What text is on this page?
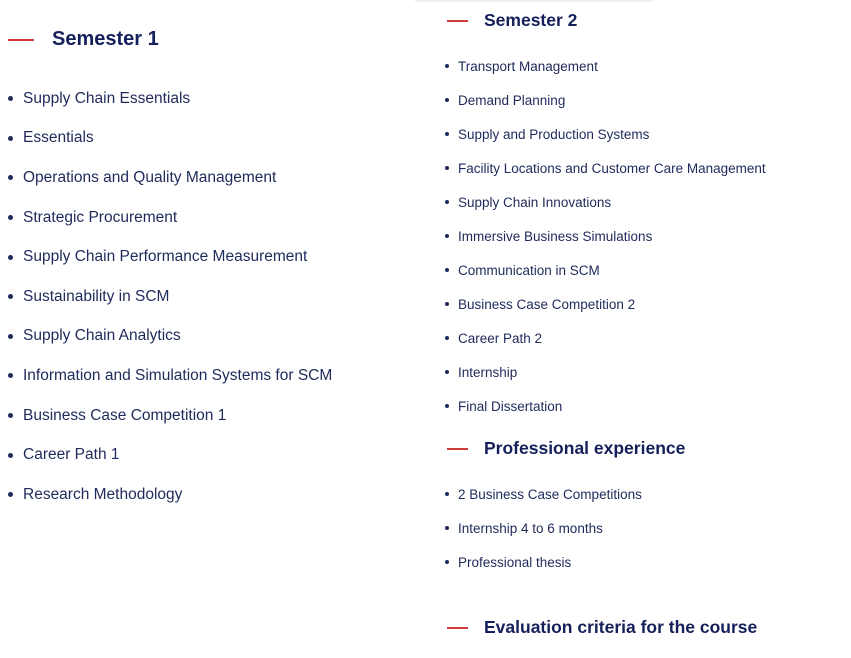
Semester 1
Supply Chain Essentials
Essentials
Operations and Quality Management
Strategic Procurement
Supply Chain Performance Measurement
Sustainability in SCM
Supply Chain Analytics
Information and Simulation Systems for SCM
Business Case Competition 1
Career Path 1
Research Methodology
Semester 2
Transport Management
Demand Planning
Supply and Production Systems
Facility Locations and Customer Care Management
Supply Chain Innovations
Immersive Business Simulations
Communication in SCM
Business Case Competition 2
Career Path 2
Internship
Final Dissertation
Professional experience
2 Business Case Competitions
Internship 4 to 6 months
Professional thesis
Evaluation criteria for the course
